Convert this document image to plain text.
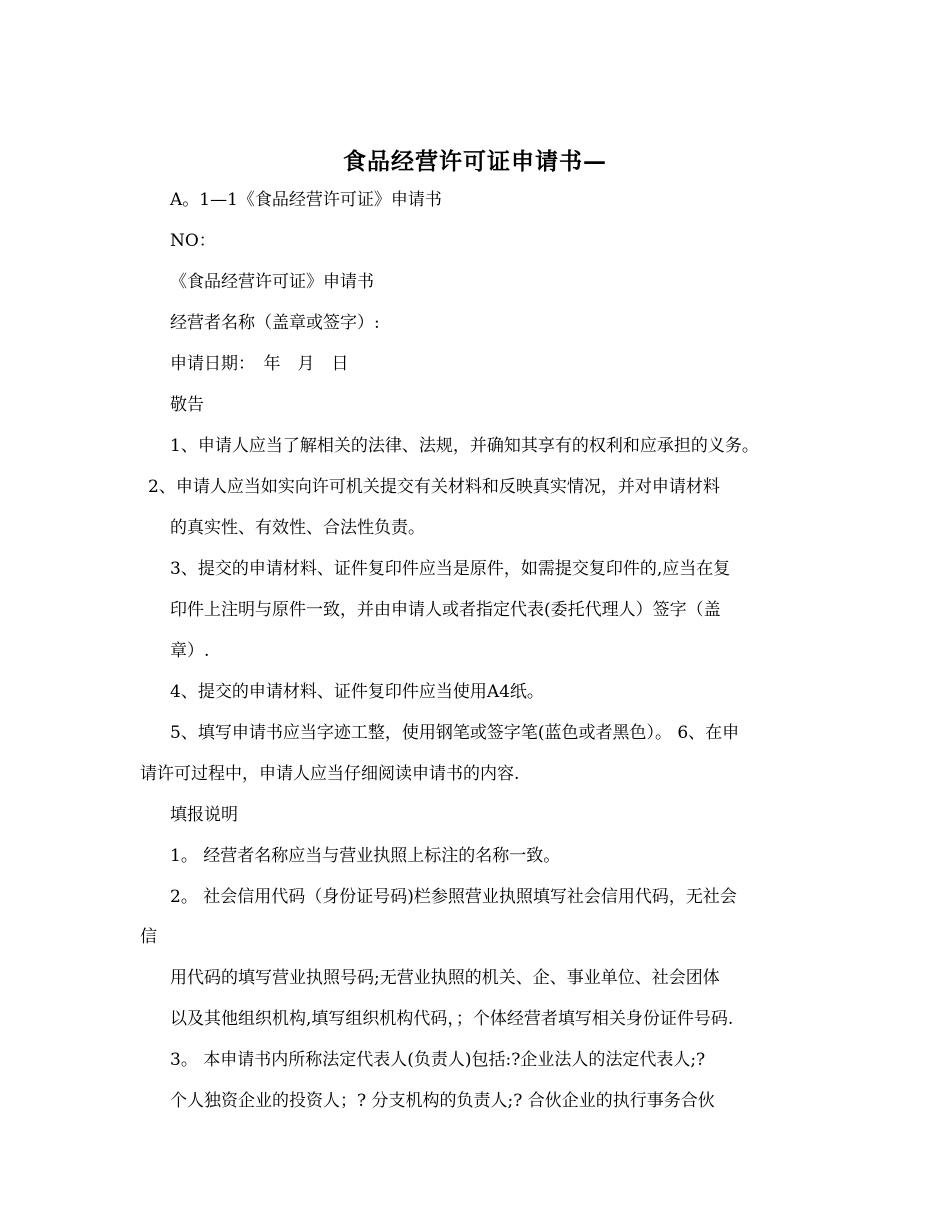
食品经营许可证申请书—
A。1—1《食品经营许可证》申请书
NO：
《食品经营许可证》申请书
经营者名称（盖章或签字）:
申请日期：　年　月　日
敬告
1、申请人应当了解相关的法律、法规，并确知其享有的权利和应承担的义务。
2、申请人应当如实向许可机关提交有关材料和反映真实情况，并对申请材料
的真实性、有效性、合法性负责。
3、提交的申请材料、证件复印件应当是原件，如需提交复印件的,应当在复
印件上注明与原件一致，并由申请人或者指定代表(委托代理人）签字（盖
章）.
4、提交的申请材料、证件复印件应当使用A4纸。
5、填写申请书应当字迹工整，使用钢笔或签字笔(蓝色或者黑色）。 6、在申
请许可过程中，申请人应当仔细阅读申请书的内容.
填报说明
1。 经营者名称应当与营业执照上标注的名称一致。
2。 社会信用代码（身份证号码)栏参照营业执照填写社会信用代码，无社会
信
用代码的填写营业执照号码;无营业执照的机关、企、事业单位、社会团体
以及其他组织机构,填写组织机构代码，；个体经营者填写相关身份证件号码.
3。 本申请书内所称法定代表人(负责人)包括:?企业法人的法定代表人;?
个人独资企业的投资人；? 分支机构的负责人;? 合伙企业的执行事务合伙
